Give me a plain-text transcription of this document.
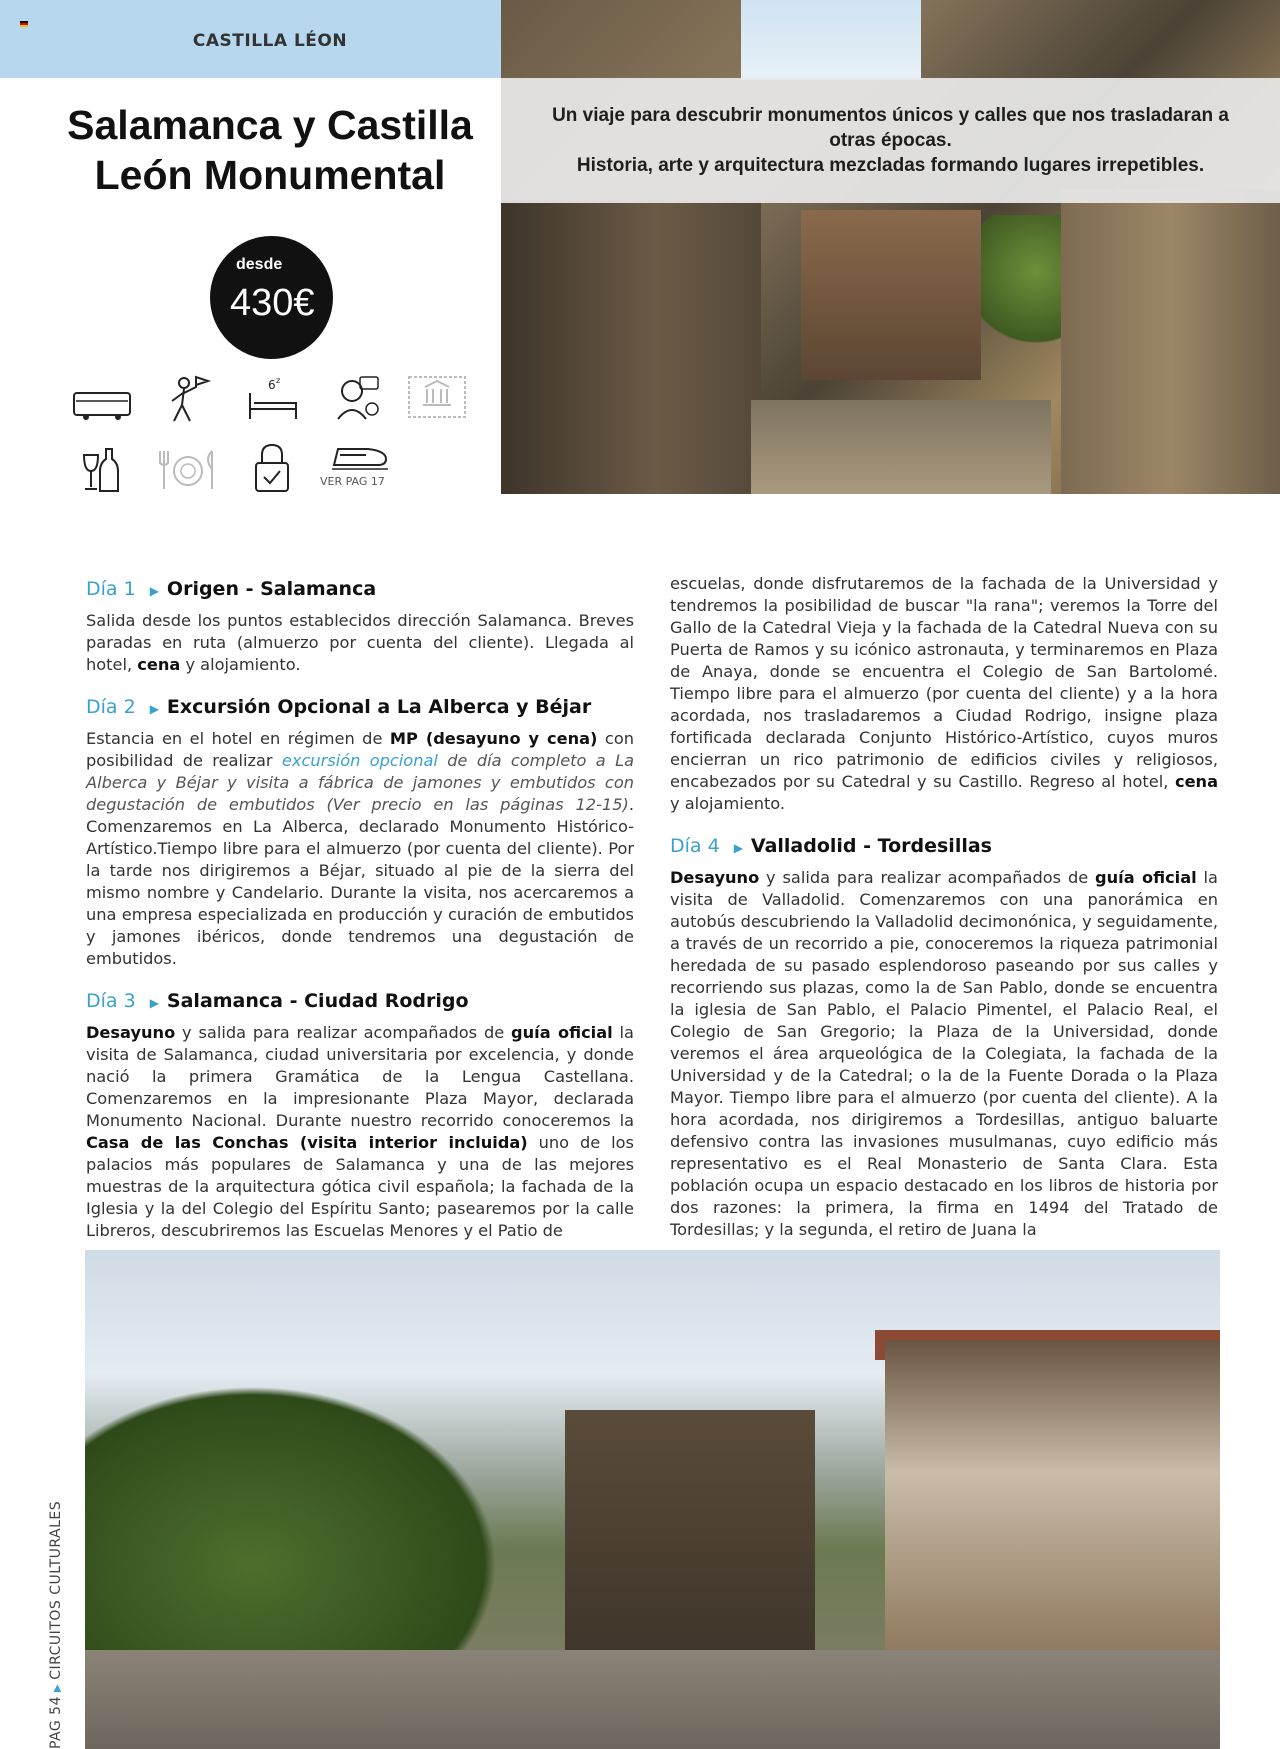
CASTILLA LÉON

Un viaje para descubrir monumentos únicos y calles que nos trasladaran a otras épocas.
Historia, arte y arquitectura mezcladas formando lugares irrepetibles.

Salamanca y Castilla
León Monumental
desde
430€
6 z
VER PAG 17
Día 1 ▶ Origen - Salamanca

Salida desde los puntos establecidos dirección Salamanca. Breves paradas en ruta (almuerzo por cuenta del cliente). Llegada al hotel, cena y alojamiento.

Día 2 ▶ Excursión Opcional a La Alberca y Béjar

Estancia en el hotel en régimen de MP (desayuno y cena) con posibilidad de realizar excursión opcional de día completo a La Alberca y Béjar y visita a fábrica de jamones y embutidos con degustación de embutidos (Ver precio en las páginas 12-15). Comenzaremos en La Alberca, declarado Monumento Histórico-Artístico.Tiempo libre para el almuerzo (por cuenta del cliente). Por la tarde nos dirigiremos a Béjar, situado al pie de la sierra del mismo nombre y Candelario. Durante la visita, nos acercaremos a una empresa especializada en producción y curación de embutidos y jamones ibéricos, donde tendremos una degustación de embutidos.

Día 3 ▶ Salamanca - Ciudad Rodrigo

Desayuno y salida para realizar acompañados de guía oficial la visita de Salamanca, ciudad universitaria por excelencia, y donde nació la primera Gramática de la Lengua Castellana. Comenzaremos en la impresionante Plaza Mayor, declarada Monumento Nacional. Durante nuestro recorrido conoceremos la Casa de las Conchas (visita interior incluida) uno de los palacios más populares de Salamanca y una de las mejores muestras de la arquitectura gótica civil española; la fachada de la Iglesia y la del Colegio del Espíritu Santo; pasearemos por la calle Libreros, descubriremos las Escuelas Menores y el Patio de

escuelas, donde disfrutaremos de la fachada de la Universidad y tendremos la posibilidad de buscar "la rana"; veremos la Torre del Gallo de la Catedral Vieja y la fachada de la Catedral Nueva con su Puerta de Ramos y su icónico astronauta, y terminaremos en Plaza de Anaya, donde se encuentra el Colegio de San Bartolomé. Tiempo libre para el almuerzo (por cuenta del cliente) y a la hora acordada, nos trasladaremos a Ciudad Rodrigo, insigne plaza fortificada declarada Conjunto Histórico-Artístico, cuyos muros encierran un rico patrimonio de edificios civiles y religiosos, encabezados por su Catedral y su Castillo. Regreso al hotel, cena y alojamiento.

Día 4 ▶ Valladolid - Tordesillas

Desayuno y salida para realizar acompañados de guía oficial la visita de Valladolid. Comenzaremos con una panorámica en autobús descubriendo la Valladolid decimonónica, y seguidamente, a través de un recorrido a pie, conoceremos la riqueza patrimonial heredada de su pasado esplendoroso paseando por sus calles y recorriendo sus plazas, como la de San Pablo, donde se encuentra la iglesia de San Pablo, el Palacio Pimentel, el Palacio Real, el Colegio de San Gregorio; la Plaza de la Universidad, donde veremos el área arqueológica de la Colegiata, la fachada de la Universidad y de la Catedral; o la de la Fuente Dorada o la Plaza Mayor. Tiempo libre para el almuerzo (por cuenta del cliente). A la hora acordada, nos dirigiremos a Tordesillas, antiguo baluarte defensivo contra las invasiones musulmanas, cuyo edificio más representativo es el Real Monasterio de Santa Clara. Esta población ocupa un espacio destacado en los libros de historia por dos razones: la primera, la firma en 1494 del Tratado de Tordesillas; y la segunda, el retiro de Juana la

PAG 54▶CIRCUITOS CULTURALES
